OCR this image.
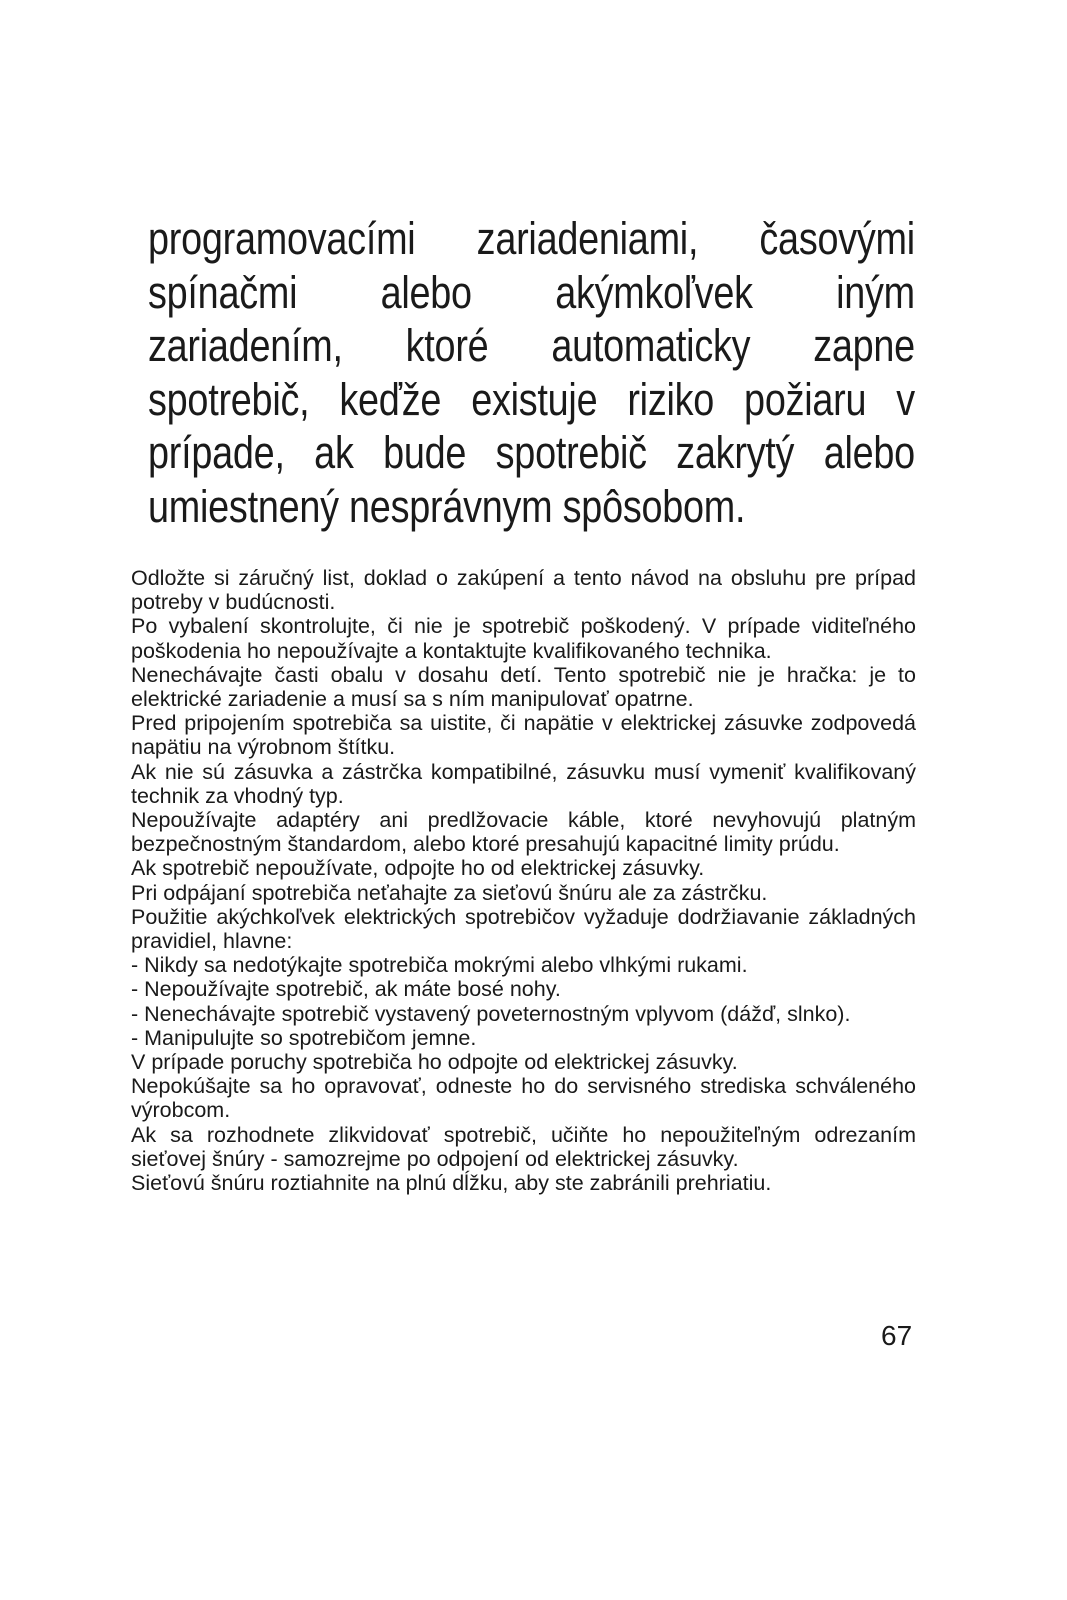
programovacími zariadeniami, časovými
spínačmi alebo akýmkoľvek iným
zariadením, ktoré automaticky zapne
spotrebič, keďže existuje riziko požiaru v
prípade, ak bude spotrebič zakrytý alebo
umiestnený nesprávnym spôsobom.

Odložte si záručný list, doklad o zakúpení a tento návod na obsluhu pre prípad potreby v budúcnosti.

Po vybalení skontrolujte, či nie je spotrebič poškodený. V prípade viditeľného poškodenia ho nepoužívajte a kontaktujte kvalifikovaného technika.

Nenechávajte časti obalu v dosahu detí. Tento spotrebič nie je hračka: je to elektrické zariadenie a musí sa s ním manipulovať opatrne.

Pred pripojením spotrebiča sa uistite, či napätie v elektrickej zásuvke zodpovedá napätiu na výrobnom štítku.

Ak nie sú zásuvka a zástrčka kompatibilné, zásuvku musí vymeniť kvalifikovaný technik za vhodný typ.

Nepoužívajte adaptéry ani predlžovacie káble, ktoré nevyhovujú platným bezpečnostným štandardom, alebo ktoré presahujú kapacitné limity prúdu.

Ak spotrebič nepoužívate, odpojte ho od elektrickej zásuvky.

Pri odpájaní spotrebiča neťahajte za sieťovú šnúru ale za zástrčku.

Použitie akýchkoľvek elektrických spotrebičov vyžaduje dodržiavanie základných pravidiel, hlavne:

- Nikdy sa nedotýkajte spotrebiča mokrými alebo vlhkými rukami.

- Nepoužívajte spotrebič, ak máte bosé nohy.

- Nenechávajte spotrebič vystavený poveternostným vplyvom (dážď, slnko).

- Manipulujte so spotrebičom jemne.

V prípade poruchy spotrebiča ho odpojte od elektrickej zásuvky.

Nepokúšajte sa ho opravovať, odneste ho do servisného strediska schváleného výrobcom.

Ak sa rozhodnete zlikvidovať spotrebič, učiňte ho nepoužiteľným odrezaním sieťovej šnúry - samozrejme po odpojení od elektrickej zásuvky.

Sieťovú šnúru roztiahnite na plnú dĺžku, aby ste zabránili prehriatiu.

67
